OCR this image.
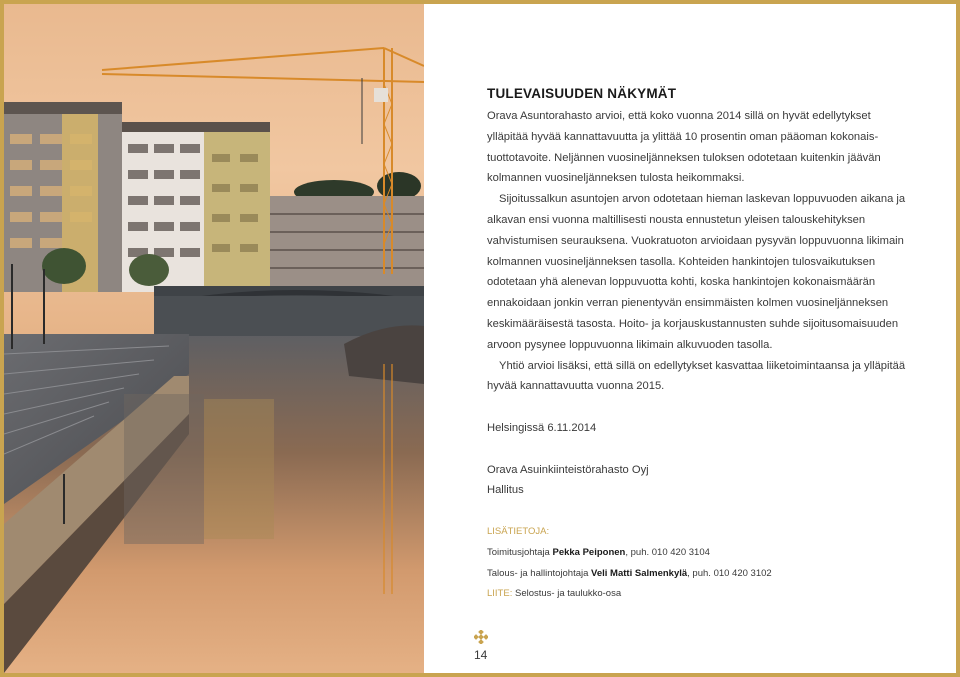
TULEVAISUUDEN NÄKYMÄT

Orava Asuntorahasto arvioi, että koko vuonna 2014 sillä on hyvät edellytykset ylläpitää hyvää kannattavuutta ja ylittää 10 prosentin oman pääoman kokonais-tuottotavoite. Neljännen vuosineljänneksen tuloksen odotetaan kuitenkin jäävän kolmannen vuosineljänneksen tulosta heikommaksi.

Sijoitussalkun asuntojen arvon odotetaan hieman laskevan loppuvuoden aikana ja alkavan ensi vuonna maltillisesti nousta ennustetun yleisen talouskehityksen vahvistumisen seurauksena. Vuokratuoton arvioidaan pysyvän loppuvuonna likimain kolmannen vuosineljänneksen tasolla. Kohteiden hankintojen tulosvaikutuksen odotetaan yhä alenevan loppuvuotta kohti, koska hankintojen kokonaismäärän ennakoidaan jonkin verran pienentyvän ensimmäisten kolmen vuosineljänneksen keskimääräisestä tasosta. Hoito- ja korjauskustannusten suhde sijoitusomaisuuden arvoon pysynee loppuvuonna likimain alkuvuoden tasolla.

Yhtiö arvioi lisäksi, että sillä on edellytykset kasvattaa liiketoimintaansa ja ylläpitää hyvää kannattavuutta vuonna 2015.

Helsingissä 6.11.2014

Orava Asuinkiinteistörahasto Oyj

Hallitus

LISÄTIETOJA:

Toimitusjohtaja Pekka Peiponen, puh. 010 420 3104

Talous- ja hallintojohtaja Veli Matti Salmenkylä, puh. 010 420 3102

LIITE: Selostus- ja taulukko-osa

14
